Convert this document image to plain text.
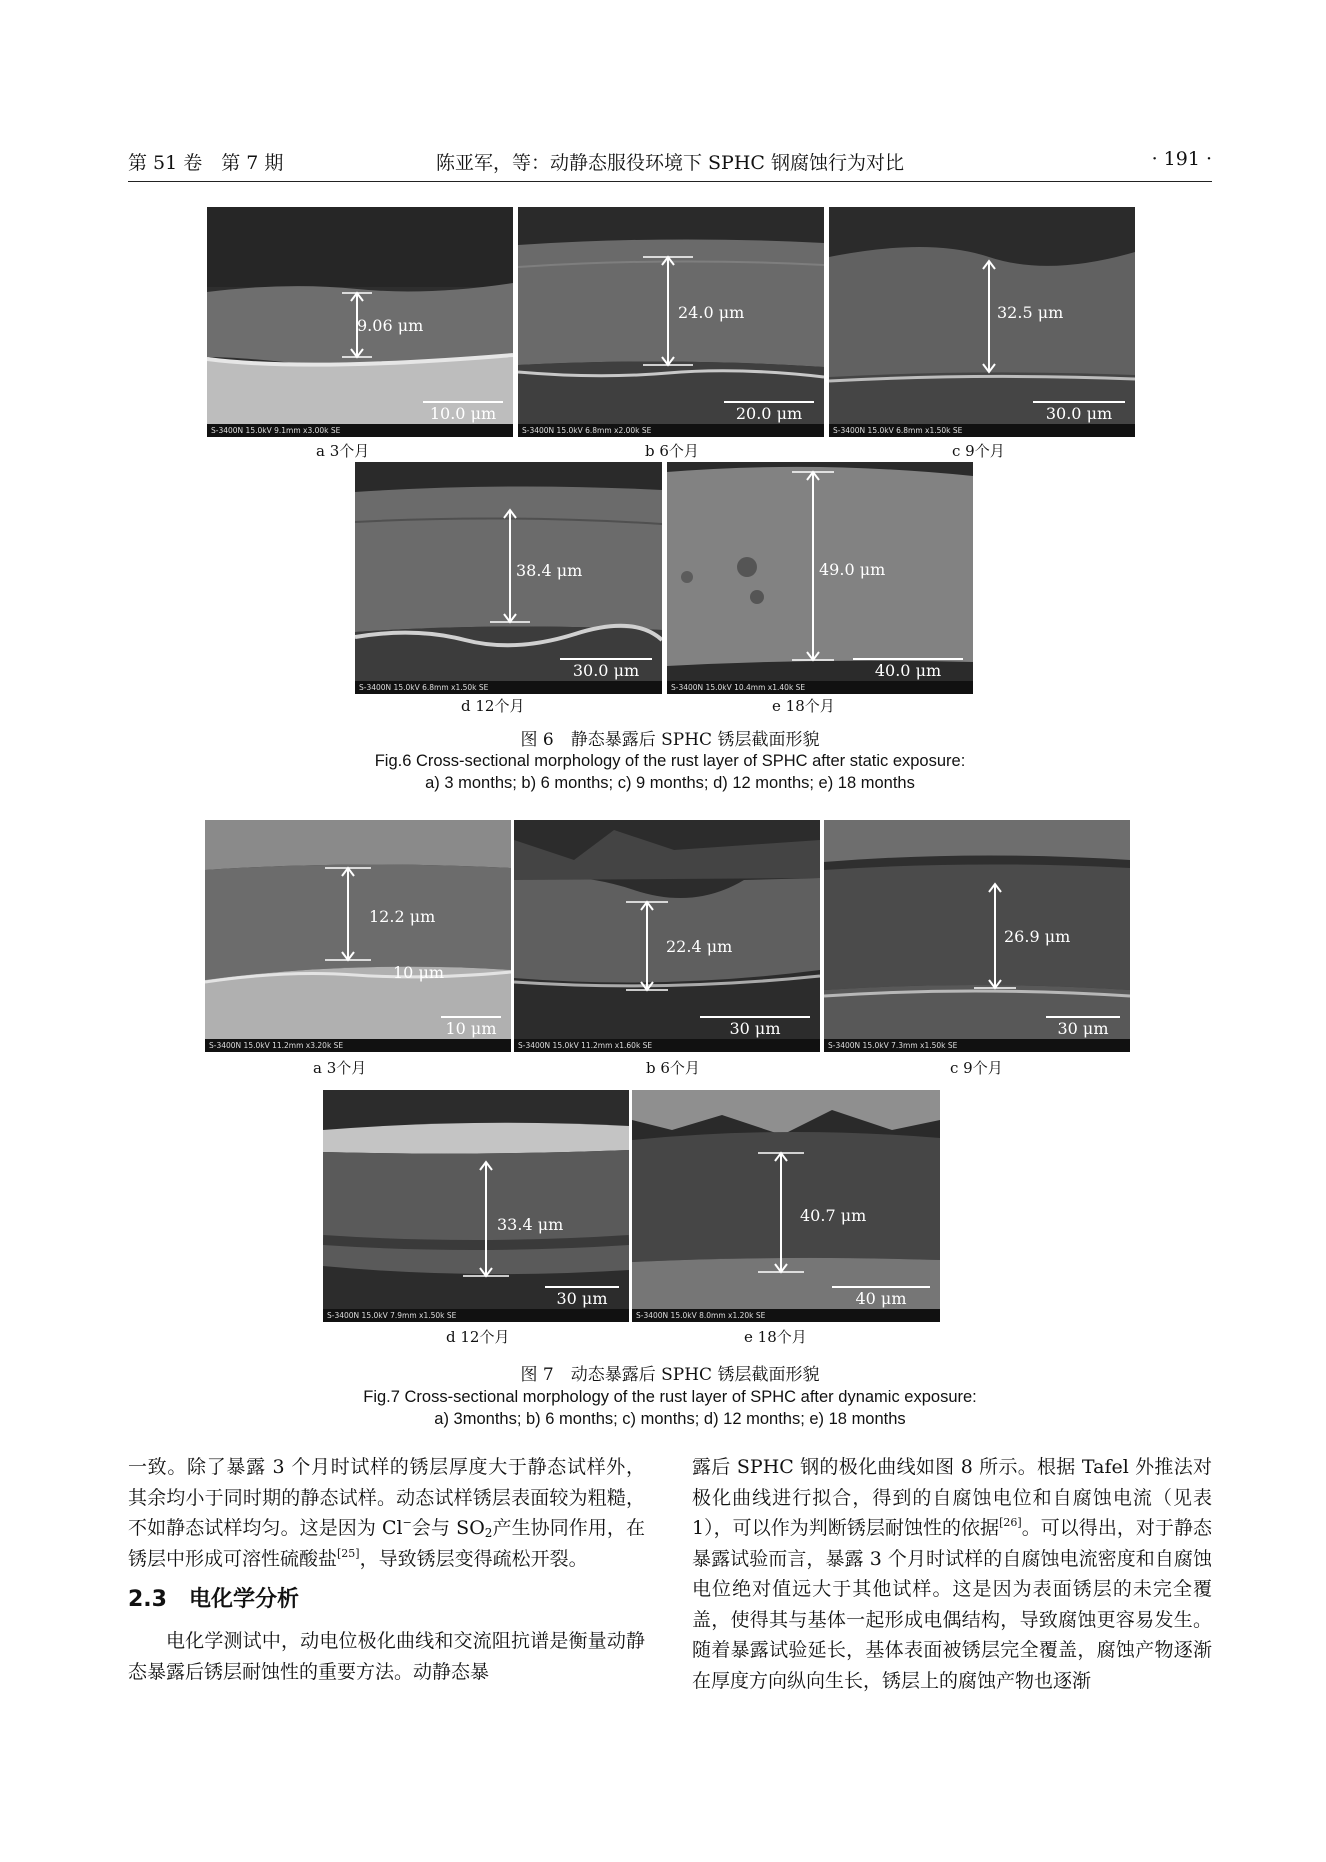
第 51 卷　第 7 期	陈亚军，等：动静态服役环境下 SPHC 钢腐蚀行为对比	· 191 ·
9.06 μm
10.0 μm
S-3400N 15.0kV 9.1mm x3.00k SE
a 3个月
24.0 μm
20.0 μm
S-3400N 15.0kV 6.8mm x2.00k SE
b 6个月
32.5 μm
30.0 μm
S-3400N 15.0kV 6.8mm x1.50k SE
c 9个月
38.4 μm
30.0 μm
S-3400N 15.0kV 6.8mm x1.50k SE
d 12个月
49.0 μm
40.0 μm
S-3400N 15.0kV 10.4mm x1.40k SE
e 18个月
图 6　静态暴露后 SPHC 锈层截面形貌
Fig.6 Cross-sectional morphology of the rust layer of SPHC after static exposure:
a) 3 months; b) 6 months; c) 9 months; d) 12 months; e) 18 months
12.2 μm
10 μm
10 μm
S-3400N 15.0kV 11.2mm x3.20k SE
a 3个月
22.4 μm
30 μm
S-3400N 15.0kV 11.2mm x1.60k SE
b 6个月
26.9 μm
30 μm
S-3400N 15.0kV 7.3mm x1.50k SE
c 9个月
33.4 μm
30 μm
S-3400N 15.0kV 7.9mm x1.50k SE
d 12个月
40.7 μm
40 μm
S-3400N 15.0kV 8.0mm x1.20k SE
e 18个月
图 7　动态暴露后 SPHC 锈层截面形貌
Fig.7 Cross-sectional morphology of the rust layer of SPHC after dynamic exposure:
a) 3months; b) 6 months; c) months; d) 12 months; e) 18 months

一致。除了暴露 3 个月时试样的锈层厚度大于静态试样外，其余均小于同时期的静态试样。动态试样锈层表面较为粗糙，不如静态试样均匀。这是因为 Cl−会与 $SO_2$产生协同作用，在锈层中形成可溶性硫酸盐[25]，导致锈层变得疏松开裂。

2.3　电化学分析

电化学测试中，动电位极化曲线和交流阻抗谱是衡量动静态暴露后锈层耐蚀性的重要方法。动静态暴

露后 SPHC 钢的极化曲线如图 8 所示。根据 Tafel 外推法对极化曲线进行拟合，得到的自腐蚀电位和自腐蚀电流（见表 1），可以作为判断锈层耐蚀性的依据[26]。可以得出，对于静态暴露试验而言，暴露 3 个月时试样的自腐蚀电流密度和自腐蚀电位绝对值远大于其他试样。这是因为表面锈层的未完全覆盖，使得其与基体一起形成电偶结构，导致腐蚀更容易发生。随着暴露试验延长，基体表面被锈层完全覆盖，腐蚀产物逐渐在厚度方向纵向生长，锈层上的腐蚀产物也逐渐
